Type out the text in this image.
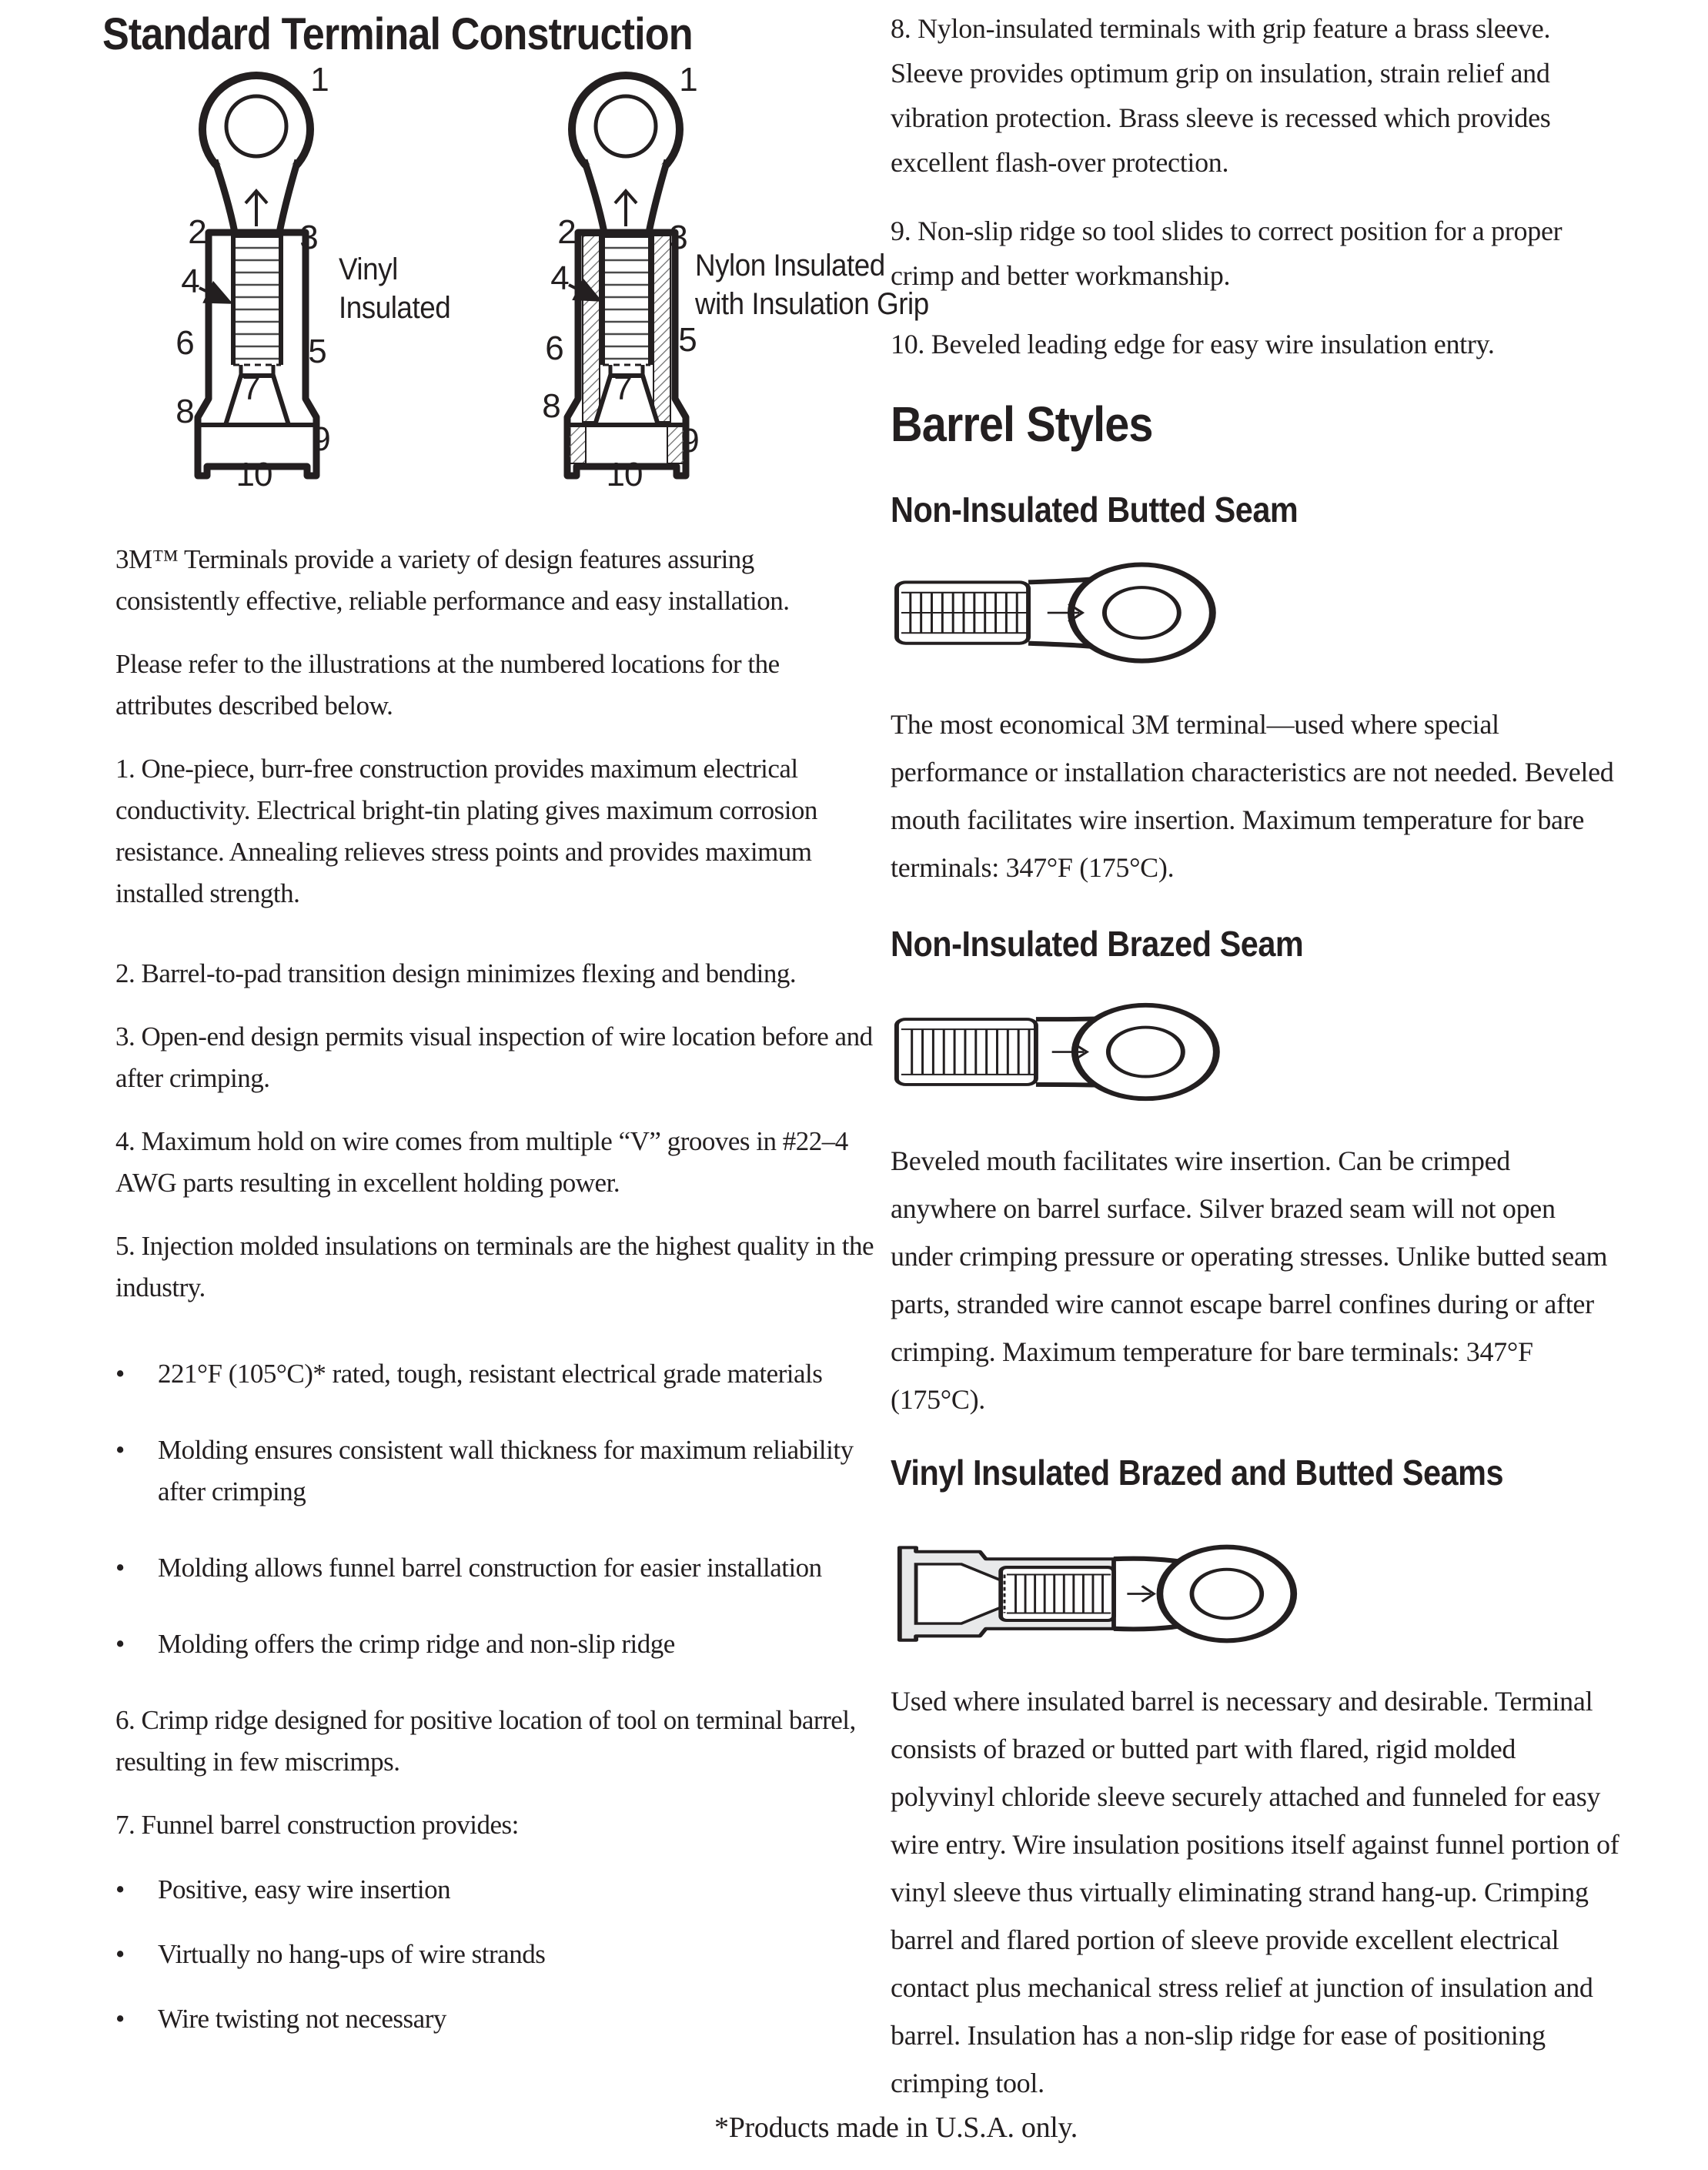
Standard Terminal Construction
1
2	3
4
5
6
7
8
9
10
1
2	3
4
5
6
7
8
9
10
Vinyl
Insulated
Nylon Insulated
with Insulation Grip

3M™ Terminals provide a variety of design features assuring consistently effective, reliable performance and easy installation.

Please refer to the illustrations at the numbered locations for the attributes described below.

1. One-piece, burr-free construction provides maximum electrical conductivity. Electrical bright-tin plating gives maximum corrosion resistance. Annealing relieves stress points and provides maximum installed strength.

2. Barrel-to-pad transition design minimizes flexing and bending.

3. Open-end design permits visual inspection of wire location before and after crimping.

4. Maximum hold on wire comes from multiple “V” grooves in #22–4 AWG parts resulting in excellent holding power.

5. Injection molded insulations on terminals are the highest quality in the industry.

•	221°F (105°C)* rated, tough, resistant electrical grade materials
•	Molding ensures consistent wall thickness for maximum reliability after crimping
•	Molding allows funnel barrel construction for easier installation
•	Molding offers the crimp ridge and non-slip ridge

6. Crimp ridge designed for positive location of tool on terminal barrel, resulting in few miscrimps.

7. Funnel barrel construction provides:

•	Positive, easy wire insertion
•	Virtually no hang-ups of wire strands
•	Wire twisting not necessary

8. Nylon-insulated terminals with grip feature a brass sleeve. Sleeve provides optimum grip on insulation, strain relief and vibration protection. Brass sleeve is recessed which provides excellent flash-over protection.

9. Non-slip ridge so tool slides to correct position for a proper crimp and better workmanship.

10. Beveled leading edge for easy wire insulation entry.

Barrel Styles
Non-Insulated Butted Seam

The most economical 3M terminal—used where special performance or installation characteristics are not needed. Beveled mouth facilitates wire insertion. Maximum temperature for bare terminals: 347°F (175°C).

Non-Insulated Brazed Seam

Beveled mouth facilitates wire insertion. Can be crimped anywhere on barrel surface. Silver brazed seam will not open under crimping pressure or operating stresses. Unlike butted seam parts, stranded wire cannot escape barrel confines during or after crimping. Maximum temperature for bare terminals: 347°F (175°C).

Vinyl Insulated Brazed and Butted Seams

Used where insulated barrel is necessary and desirable. Terminal consists of brazed or butted part with flared, rigid molded polyvinyl chloride sleeve securely attached and funneled for easy wire entry. Wire insulation positions itself against funnel portion of vinyl sleeve thus virtually eliminating strand hang-up. Crimping barrel and flared portion of sleeve provide excellent electrical contact plus mechanical stress relief at junction of insulation and barrel. Insulation has a non-slip ridge for ease of positioning crimping tool.

*Products made in U.S.A. only.
